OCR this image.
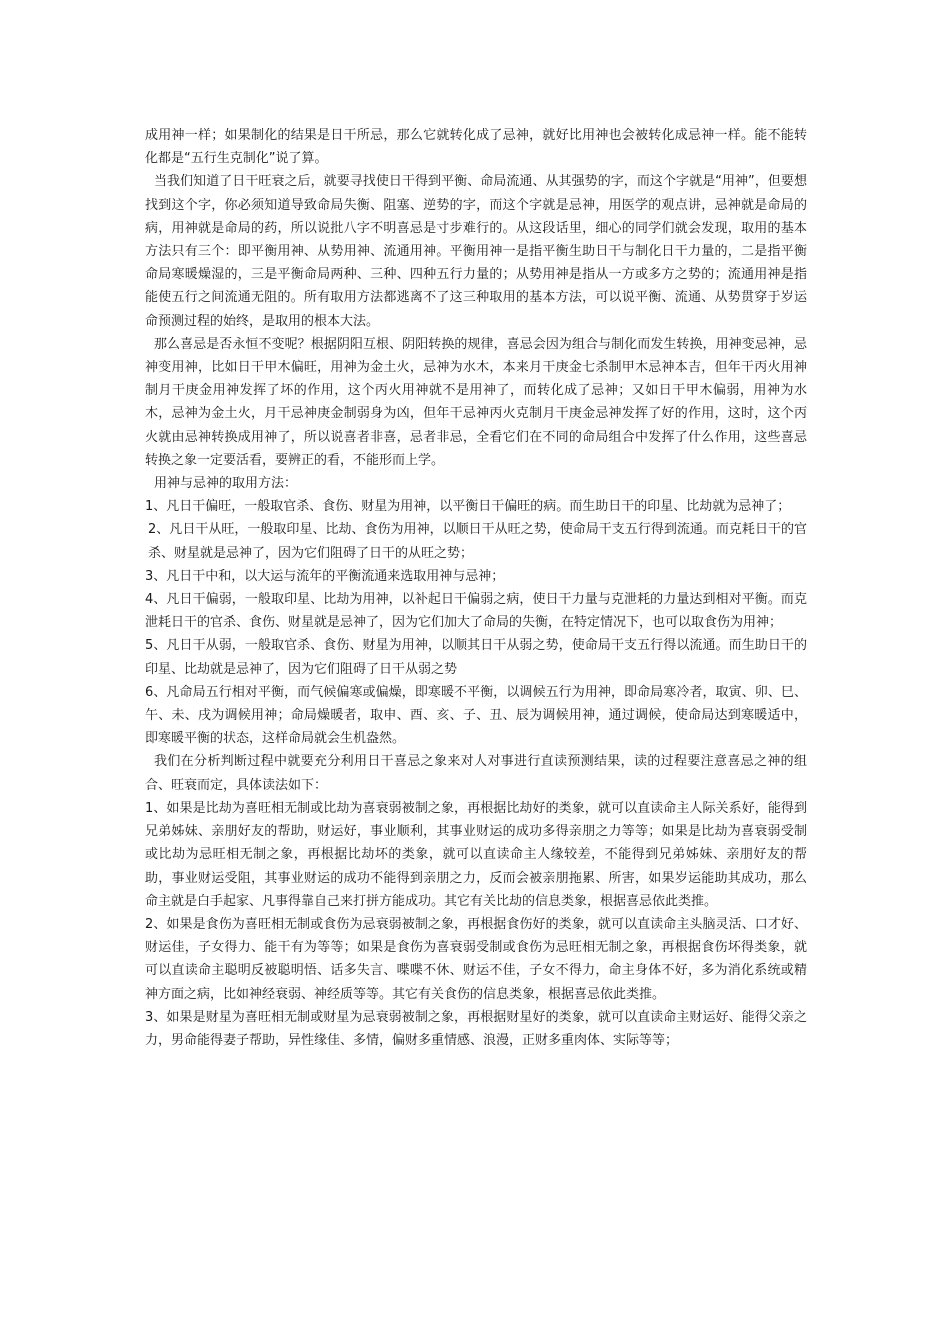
成用神一样；如果制化的结果是日干所忌，那么它就转化成了忌神，就好比用神也会被转化成忌神一样。能不能转化都是“五行生克制化”说了算。

当我们知道了日干旺衰之后，就要寻找使日干得到平衡、命局流通、从其强势的字，而这个字就是“用神”，但要想找到这个字，你必须知道导致命局失衡、阻塞、逆势的字，而这个字就是忌神，用医学的观点讲，忌神就是命局的病，用神就是命局的药，所以说批八字不明喜忌是寸步难行的。从这段话里，细心的同学们就会发现，取用的基本方法只有三个：即平衡用神、从势用神、流通用神。平衡用神一是指平衡生助日干与制化日干力量的，二是指平衡命局寒暖燥湿的，三是平衡命局两种、三种、四种五行力量的；从势用神是指从一方或多方之势的；流通用神是指能使五行之间流通无阻的。所有取用方法都逃离不了这三种取用的基本方法，可以说平衡、流通、从势贯穿于岁运命预测过程的始终，是取用的根本大法。

那么喜忌是否永恒不变呢？根据阴阳互根、阴阳转换的规律，喜忌会因为组合与制化而发生转换，用神变忌神，忌神变用神，比如日干甲木偏旺，用神为金土火，忌神为水木，本来月干庚金七杀制甲木忌神本吉，但年干丙火用神制月干庚金用神发挥了坏的作用，这个丙火用神就不是用神了，而转化成了忌神；又如日干甲木偏弱，用神为水木，忌神为金土火，月干忌神庚金制弱身为凶，但年干忌神丙火克制月干庚金忌神发挥了好的作用，这时，这个丙火就由忌神转换成用神了，所以说喜者非喜，忌者非忌，全看它们在不同的命局组合中发挥了什么作用，这些喜忌转换之象一定要活看，要辨正的看，不能形而上学。

用神与忌神的取用方法：

1、凡日干偏旺，一般取官杀、食伤、财星为用神，以平衡日干偏旺的病。而生助日干的印星、比劫就为忌神了；

2、凡日干从旺，一般取印星、比劫、食伤为用神，以顺日干从旺之势，使命局干支五行得到流通。而克耗日干的官杀、财星就是忌神了，因为它们阻碍了日干的从旺之势；

3、凡日干中和，以大运与流年的平衡流通来选取用神与忌神；

4、凡日干偏弱，一般取印星、比劫为用神，以补起日干偏弱之病，使日干力量与克泄耗的力量达到相对平衡。而克泄耗日干的官杀、食伤、财星就是忌神了，因为它们加大了命局的失衡，在特定情况下，也可以取食伤为用神；

5、凡日干从弱，一般取官杀、食伤、财星为用神，以顺其日干从弱之势，使命局干支五行得以流通。而生助日干的印星、比劫就是忌神了，因为它们阻碍了日干从弱之势

6、凡命局五行相对平衡，而气候偏寒或偏燥，即寒暖不平衡，以调候五行为用神，即命局寒冷者，取寅、卯、巳、午、未、戌为调候用神；命局燥暖者，取申、酉、亥、子、丑、辰为调候用神，通过调候，使命局达到寒暖适中，即寒暖平衡的状态，这样命局就会生机盎然。

我们在分析判断过程中就要充分利用日干喜忌之象来对人对事进行直读预测结果，读的过程要注意喜忌之神的组合、旺衰而定，具体读法如下：

1、如果是比劫为喜旺相无制或比劫为喜衰弱被制之象，再根据比劫好的类象，就可以直读命主人际关系好，能得到兄弟姊妹、亲朋好友的帮助，财运好，事业顺利，其事业财运的成功多得亲朋之力等等；如果是比劫为喜衰弱受制或比劫为忌旺相无制之象，再根据比劫坏的类象，就可以直读命主人缘较差，不能得到兄弟姊妹、亲朋好友的帮助，事业财运受阻，其事业财运的成功不能得到亲朋之力，反而会被亲朋拖累、所害，如果岁运能助其成功，那么命主就是白手起家、凡事得靠自己来打拼方能成功。其它有关比劫的信息类象，根据喜忌依此类推。

2、如果是食伤为喜旺相无制或食伤为忌衰弱被制之象，再根据食伤好的类象，就可以直读命主头脑灵活、口才好、财运佳，子女得力、能干有为等等；如果是食伤为喜衰弱受制或食伤为忌旺相无制之象，再根据食伤坏得类象，就可以直读命主聪明反被聪明悟、话多失言、喋喋不休、财运不佳，子女不得力，命主身体不好，多为消化系统或精神方面之病，比如神经衰弱、神经质等等。其它有关食伤的信息类象，根据喜忌依此类推。

3、如果是财星为喜旺相无制或财星为忌衰弱被制之象，再根据财星好的类象，就可以直读命主财运好、能得父亲之力，男命能得妻子帮助，异性缘佳、多情，偏财多重情感、浪漫，正财多重肉体、实际等等；
